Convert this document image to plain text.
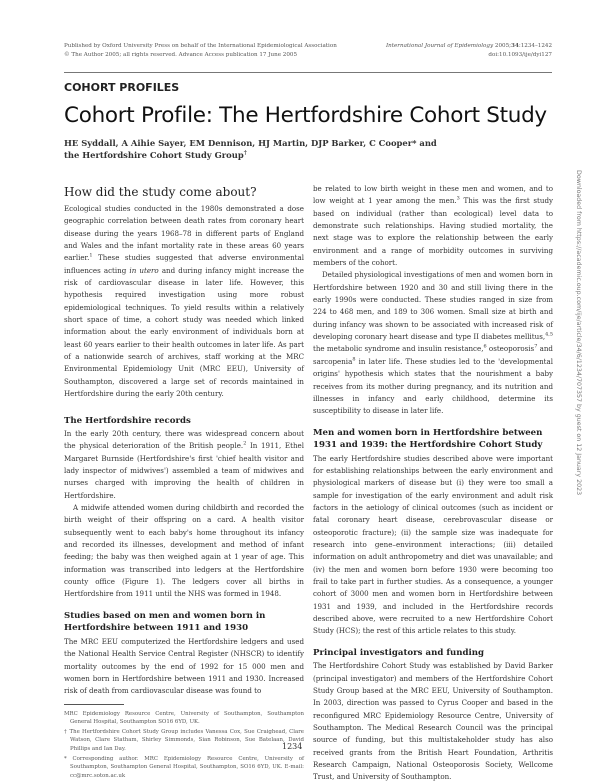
Published by Oxford University Press on behalf of the International Epidemiological Association
© The Author 2005; all rights reserved. Advance Access publication 17 June 2005
International Journal of Epidemiology 2005;34:1234–1242
doi:10.1093/ije/dyi127
COHORT PROFILES
Cohort Profile: The Hertfordshire Cohort Study
HE Syddall, A Aihie Sayer, EM Dennison, HJ Martin, DJP Barker, C Cooper* and
the Hertfordshire Cohort Study Group†
How did the study come about?

Ecological studies conducted in the 1980s demonstrated a dose geographic correlation between death rates from coronary heart disease during the years 1968–78 in different parts of England and Wales and the infant mortality rate in these areas 60 years earlier.$^1$ These studies suggested that adverse environmental influences acting in utero and during infancy might increase the risk of cardiovascular disease in later life. However, this hypothesis required investigation using more robust epidemiological techniques. To yield results within a relatively short space of time, a cohort study was needed which linked information about the early environment of individuals born at least 60 years earlier to their health outcomes in later life. As part of a nationwide search of archives, staff working at the MRC Environmental Epidemiology Unit (MRC EEU), University of Southampton, discovered a large set of records maintained in Hertfordshire during the early 20th century.

The Hertfordshire records

In the early 20th century, there was widespread concern about the physical deterioration of the British people.$^2$ In 1911, Ethel Margaret Burnside (Hertfordshire's first 'chief health visitor and lady inspector of midwives') assembled a team of midwives and nurses charged with improving the health of children in Hertfordshire.

A midwife attended women during childbirth and recorded the birth weight of their offspring on a card. A health visitor subsequently went to each baby's home throughout its infancy and recorded its illnesses, development and method of infant feeding; the baby was then weighed again at 1 year of age. This information was transcribed into ledgers at the Hertfordshire county office (Figure 1). The ledgers cover all births in Hertfordshire from 1911 until the NHS was formed in 1948.

Studies based on men and women born in Hertfordshire between 1911 and 1930

The MRC EEU computerized the Hertfordshire ledgers and used the National Health Service Central Register (NHSCR) to identify mortality outcomes by the end of 1992 for 15 000 men and women born in Hertfordshire between 1911 and 1930. Increased risk of death from cardiovascular disease was found to

MRC Epidemiology Resource Centre, University of Southampton, Southampton General Hospital, Southampton SO16 6YD, UK.
† The Hertfordshire Cohort Study Group includes Vanessa Cox, Sue Craighead, Clare Watson, Clare Statham, Shirley Simmonds, Sian Robinson, Sue Batelaan, David Phillips and Ian Day.
* Corresponding author. MRC Epidemiology Resource Centre, University of Southampton, Southampton General Hospital, Southampton, SO16 6YD, UK. E-mail: cc@mrc.soton.ac.uk

be related to low birth weight in these men and women, and to low weight at 1 year among the men.$^3$ This was the first study based on individual (rather than ecological) level data to demonstrate such relationships. Having studied mortality, the next stage was to explore the relationship between the early environment and a range of morbidity outcomes in surviving members of the cohort.

Detailed physiological investigations of men and women born in Hertfordshire between 1920 and 30 and still living there in the early 1990s were conducted. These studies ranged in size from 224 to 468 men, and 189 to 306 women. Small size at birth and during infancy was shown to be associated with increased risk of developing coronary heart disease and type II diabetes mellitus,$^{4,5}$ the metabolic syndrome and insulin resistance,$^6$ osteoporosis$^7$ and sarcopenia$^8$ in later life. These studies led to the 'developmental origins' hypothesis which states that the nourishment a baby receives from its mother during pregnancy, and its nutrition and illnesses in infancy and early childhood, determine its susceptibility to disease in later life.

Men and women born in Hertfordshire between 1931 and 1939: the Hertfordshire Cohort Study

The early Hertfordshire studies described above were important for establishing relationships between the early environment and physiological markers of disease but (i) they were too small a sample for investigation of the early environment and adult risk factors in the aetiology of clinical outcomes (such as incident or fatal coronary heart disease, cerebrovascular disease or osteoporotic fracture); (ii) the sample size was inadequate for research into gene–environment interactions; (iii) detailed information on adult anthropometry and diet was unavailable; and (iv) the men and women born before 1930 were becoming too frail to take part in further studies. As a consequence, a younger cohort of 3000 men and women born in Hertfordshire between 1931 and 1939, and included in the Hertfordshire records described above, were recruited to a new Hertfordshire Cohort Study (HCS); the rest of this article relates to this study.

Principal investigators and funding

The Hertfordshire Cohort Study was established by David Barker (principal investigator) and members of the Hertfordshire Cohort Study Group based at the MRC EEU, University of Southampton. In 2003, direction was passed to Cyrus Cooper and based in the reconfigured MRC Epidemiology Resource Centre, University of Southampton. The Medical Research Council was the principal source of funding, but this multistakeholder study has also received grants from the British Heart Foundation, Arthritis Research Campaign, National Osteoporosis Society, Wellcome Trust, and University of Southampton.

1234
Downloaded from https://academic.oup.com/ije/article/34/6/1234/707357 by guest on 12 January 2023
